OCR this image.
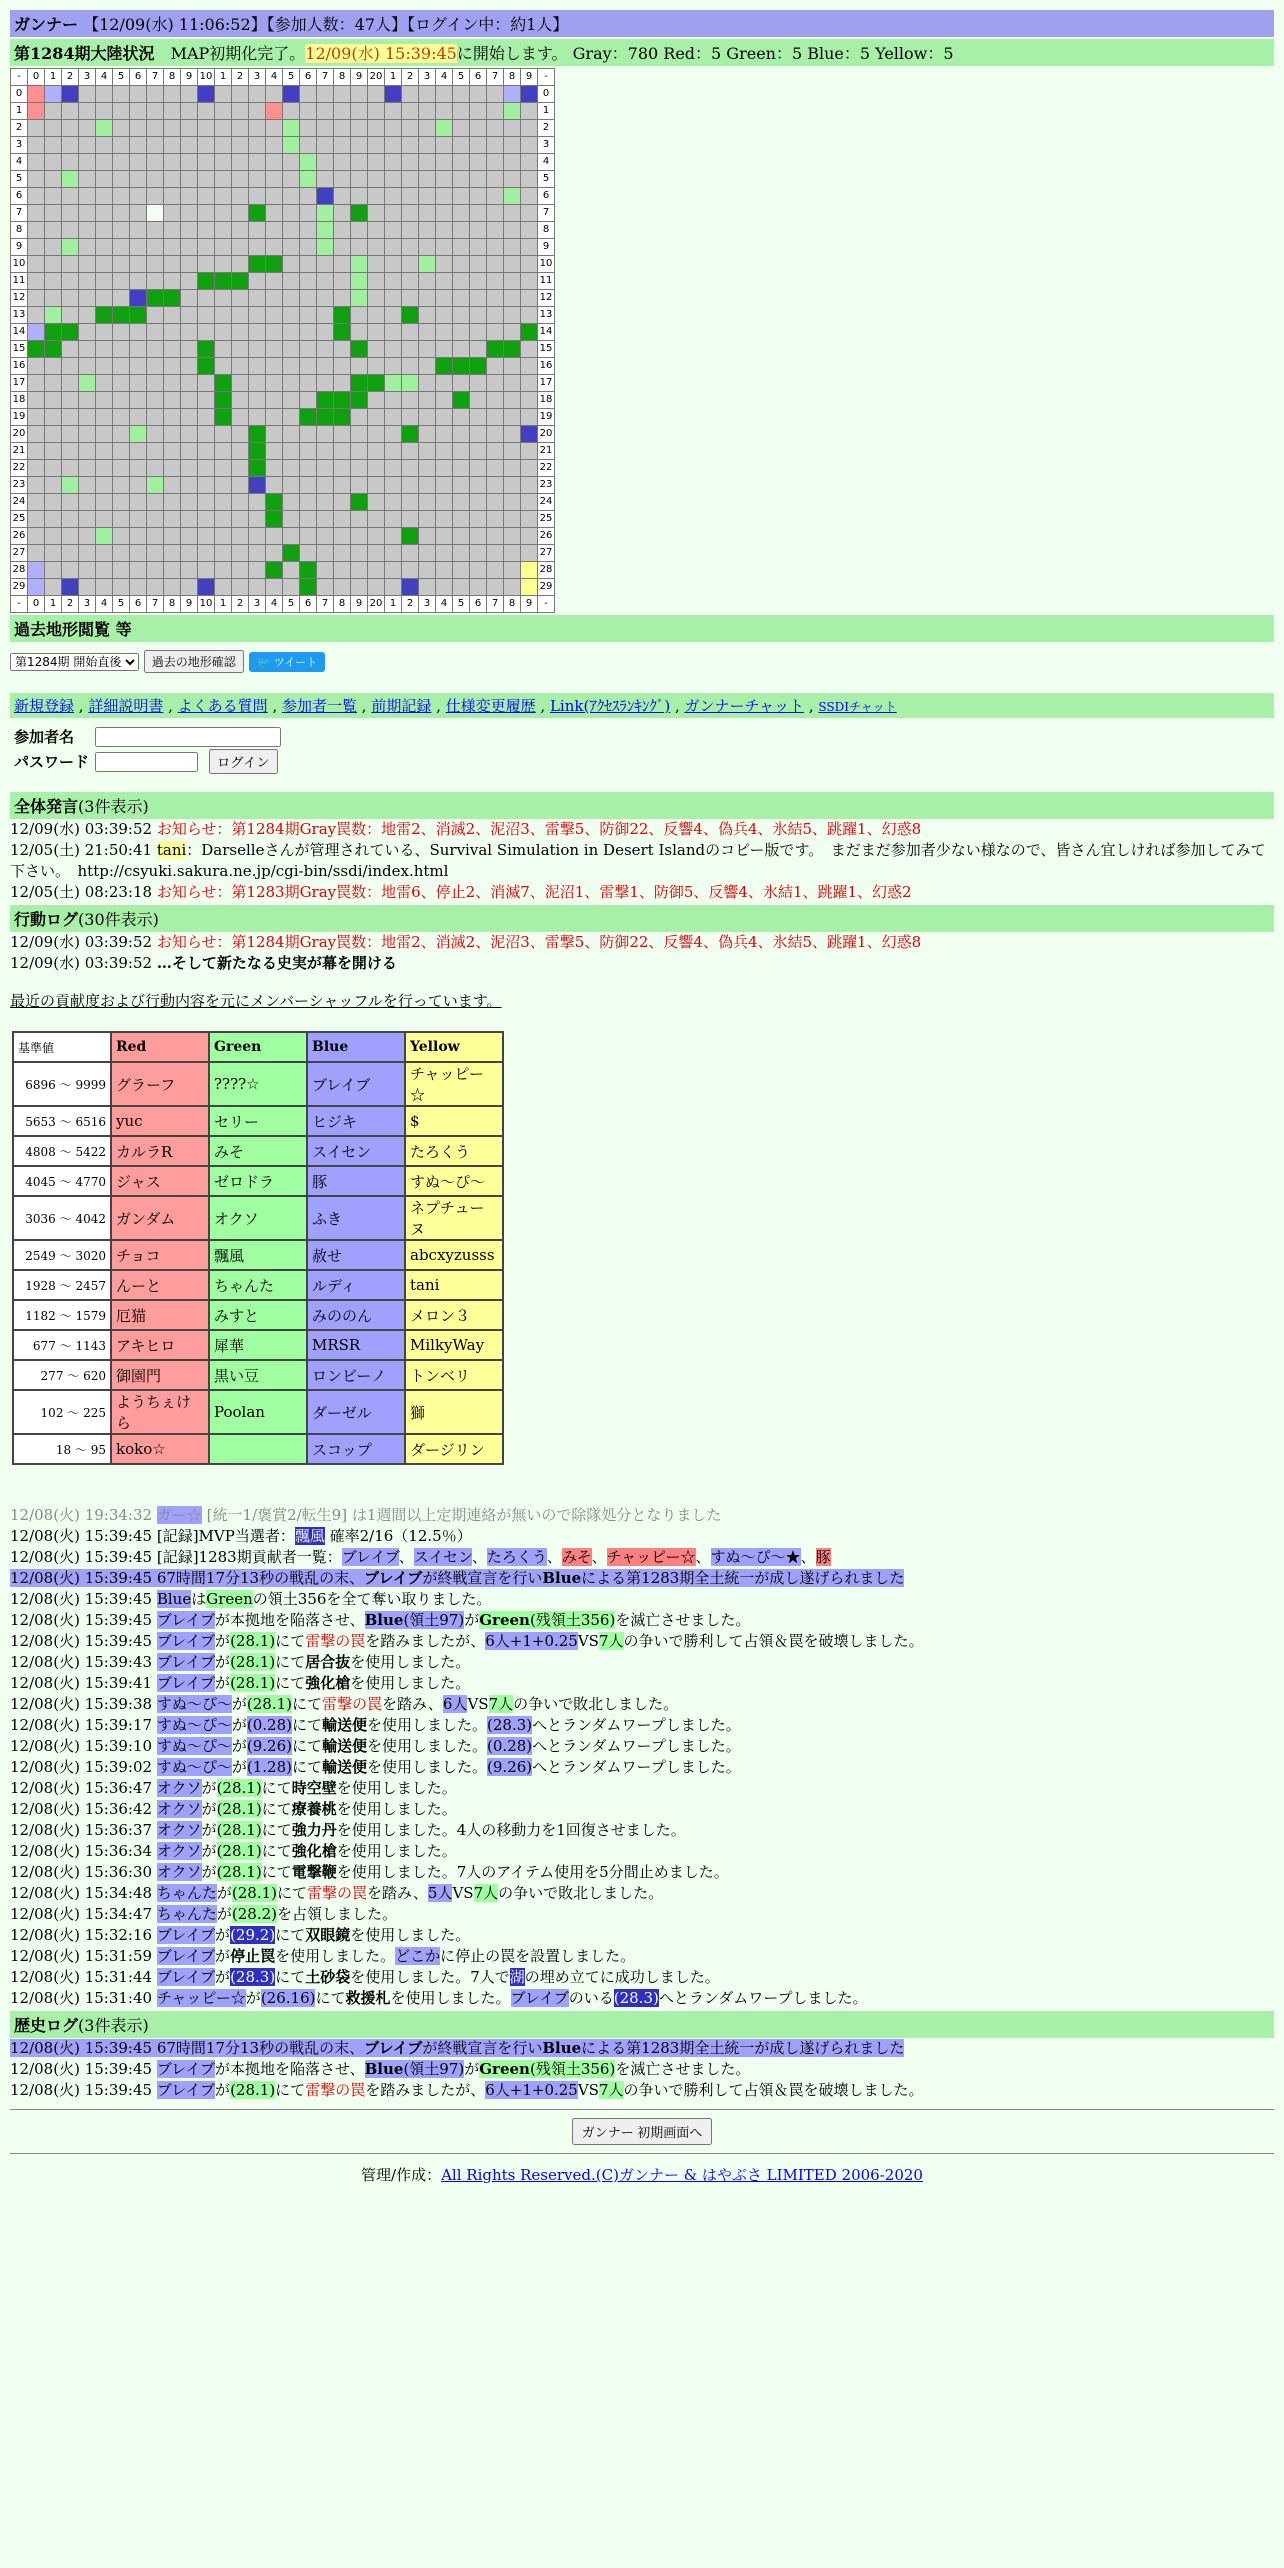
ガンナー 【12/09(水) 11:06:52】【参加人数：47人】【ログイン中：約1人】
第1284期大陸状況　 MAP初期化完了。12/09(水) 15:39:45に開始します。 Gray：780 Red：5 Green：5 Blue：5 Yellow：5
-	0	1	2	3	4	5	6	7	8	9	10	1	2	3	4	5	6	7	8	9	20	1	2	3	4	5	6	7	8	9	-
0																															0
1																															1
2																															2
3																															3
4																															4
5																															5
6																															6
7																															7
8																															8
9																															9
10																															10
11																															11
12																															12
13																															13
14																															14
15																															15
16																															16
17																															17
18																															18
19																															19
20																															20
21																															21
22																															22
23																															23
24																															24
25																															25
26																															26
27																															27
28																															28
29																															29
-	0	1	2	3	4	5	6	7	8	9	10	1	2	3	4	5	6	7	8	9	20	1	2	3	4	5	6	7	8	9	-
過去地形閲覧 等
第1284期 開始直後 過去の地形確認 🐦 ツイート
新規登録 , 詳細説明書 , よくある質問 , 参加者一覧 , 前期記録 , 仕様変更履歴 , Link(ｱｸｾｽﾗﾝｷﾝｸﾞ) , ガンナーチャット , SSDIチャット
参加者名	
パスワード		ログイン
全体発言(3件表示)
12/09(水) 03:39:52 お知らせ：第1284期Gray罠数：地雷2、消滅2、泥沼3、雷撃5、防御22、反響4、偽兵4、氷結5、跳躍1、幻惑8
12/05(土) 21:50:41 tani：Darselleさんが管理されている、Survival Simulation in Desert Islandのコピー版です。　まだまだ参加者少ない様なので、皆さん宜しければ参加してみて下さい。　http://csyuki.sakura.ne.jp/cgi-bin/ssdi/index.html
12/05(土) 08:23:18 お知らせ：第1283期Gray罠数：地雷6、停止2、消滅7、泥沼1、雷撃1、防御5、反響4、氷結1、跳躍1、幻惑2
行動ログ(30件表示)
12/09(水) 03:39:52 お知らせ：第1284期Gray罠数：地雷2、消滅2、泥沼3、雷撃5、防御22、反響4、偽兵4、氷結5、跳躍1、幻惑8
12/09(水) 03:39:52 …そして新たなる史実が幕を開ける
最近の貢献度および行動内容を元にメンバーシャッフルを行っています。
基準値	Red	Green	Blue	Yellow
6896 ～ 9999	グラーフ	????☆	ブレイブ	チャッピー☆
5653 ～ 6516	yuc	セリー	ヒジキ	$
4808 ～ 5422	カルラR	みそ	スイセン	たろくう
4045 ～ 4770	ジャス	ゼロドラ	豚	すぬ～ぴ～
3036 ～ 4042	ガンダム	オクソ	ふき	ネプチューヌ
2549 ～ 3020	チョコ	飄風	赦せ	abcxyzusss
1928 ～ 2457	んーと	ちゃんた	ルディ	tani
1182 ～ 1579	厄猫	みすと	みののん	メロン３
677 ～ 1143	アキヒロ	犀華	MRSR	MilkyWay
277 ～ 620	御園門	黒い豆	ロンビーノ	トンベリ
102 ～ 225	ようちぇけら	Poolan	ダーゼル	獅
18 ～ 95	koko☆		スコップ	ダージリン
12/08(火) 19:34:32 ガー☆ [統一1/褒賞2/転生9] は1週間以上定期連絡が無いので除隊処分となりました
12/08(火) 15:39:45 [記録]MVP当選者：飄風 確率2/16（12.5％）
12/08(火) 15:39:45 [記録]1283期貢献者一覧：ブレイブ、スイセン、たろくう、みそ、チャッピー☆、すぬ～ぴ～★、豚
12/08(火) 15:39:45 67時間17分13秒の戦乱の末、ブレイブが終戦宣言を行いBlueによる第1283期全土統一が成し遂げられました
12/08(火) 15:39:45 BlueはGreenの領土356を全て奪い取りました。
12/08(火) 15:39:45 ブレイブが本拠地を陥落させ、Blue(領土97)がGreen(残領土356)を滅亡させました。
12/08(火) 15:39:45 ブレイブが(28.1)にて雷撃の罠を踏みましたが、6人+1+0.25VS7人の争いで勝利して占領＆罠を破壊しました。
12/08(火) 15:39:43 ブレイブが(28.1)にて居合抜を使用しました。
12/08(火) 15:39:41 ブレイブが(28.1)にて強化槍を使用しました。
12/08(火) 15:39:38 すぬ～ぴ～が(28.1)にて雷撃の罠を踏み、6人VS7人の争いで敗北しました。
12/08(火) 15:39:17 すぬ～ぴ～が(0.28)にて輸送便を使用しました。(28.3)へとランダムワープしました。
12/08(火) 15:39:10 すぬ～ぴ～が(9.26)にて輸送便を使用しました。(0.28)へとランダムワープしました。
12/08(火) 15:39:02 すぬ～ぴ～が(1.28)にて輸送便を使用しました。(9.26)へとランダムワープしました。
12/08(火) 15:36:47 オクソが(28.1)にて時空壁を使用しました。
12/08(火) 15:36:42 オクソが(28.1)にて療養桃を使用しました。
12/08(火) 15:36:37 オクソが(28.1)にて強力丹を使用しました。4人の移動力を1回復させました。
12/08(火) 15:36:34 オクソが(28.1)にて強化槍を使用しました。
12/08(火) 15:36:30 オクソが(28.1)にて電撃鞭を使用しました。7人のアイテム使用を5分間止めました。
12/08(火) 15:34:48 ちゃんたが(28.1)にて雷撃の罠を踏み、5人VS7人の争いで敗北しました。
12/08(火) 15:34:47 ちゃんたが(28.2)を占領しました。
12/08(火) 15:32:16 ブレイブが(29.2)にて双眼鏡を使用しました。
12/08(火) 15:31:59 ブレイブが停止罠を使用しました。どこかに停止の罠を設置しました。
12/08(火) 15:31:44 ブレイブが(28.3)にて土砂袋を使用しました。7人で湖の埋め立てに成功しました。
12/08(火) 15:31:40 チャッピー☆が(26.16)にて救援札を使用しました。ブレイブのいる(28.3)へとランダムワープしました。
歴史ログ(3件表示)
12/08(火) 15:39:45 67時間17分13秒の戦乱の末、ブレイブが終戦宣言を行いBlueによる第1283期全土統一が成し遂げられました
12/08(火) 15:39:45 ブレイブが本拠地を陥落させ、Blue(領土97)がGreen(残領土356)を滅亡させました。
12/08(火) 15:39:45 ブレイブが(28.1)にて雷撃の罠を踏みましたが、6人+1+0.25VS7人の争いで勝利して占領＆罠を破壊しました。
ガンナー 初期画面へ
管理/作成：All Rights Reserved.(C)ガンナー & はやぶさ LIMITED 2006-2020
